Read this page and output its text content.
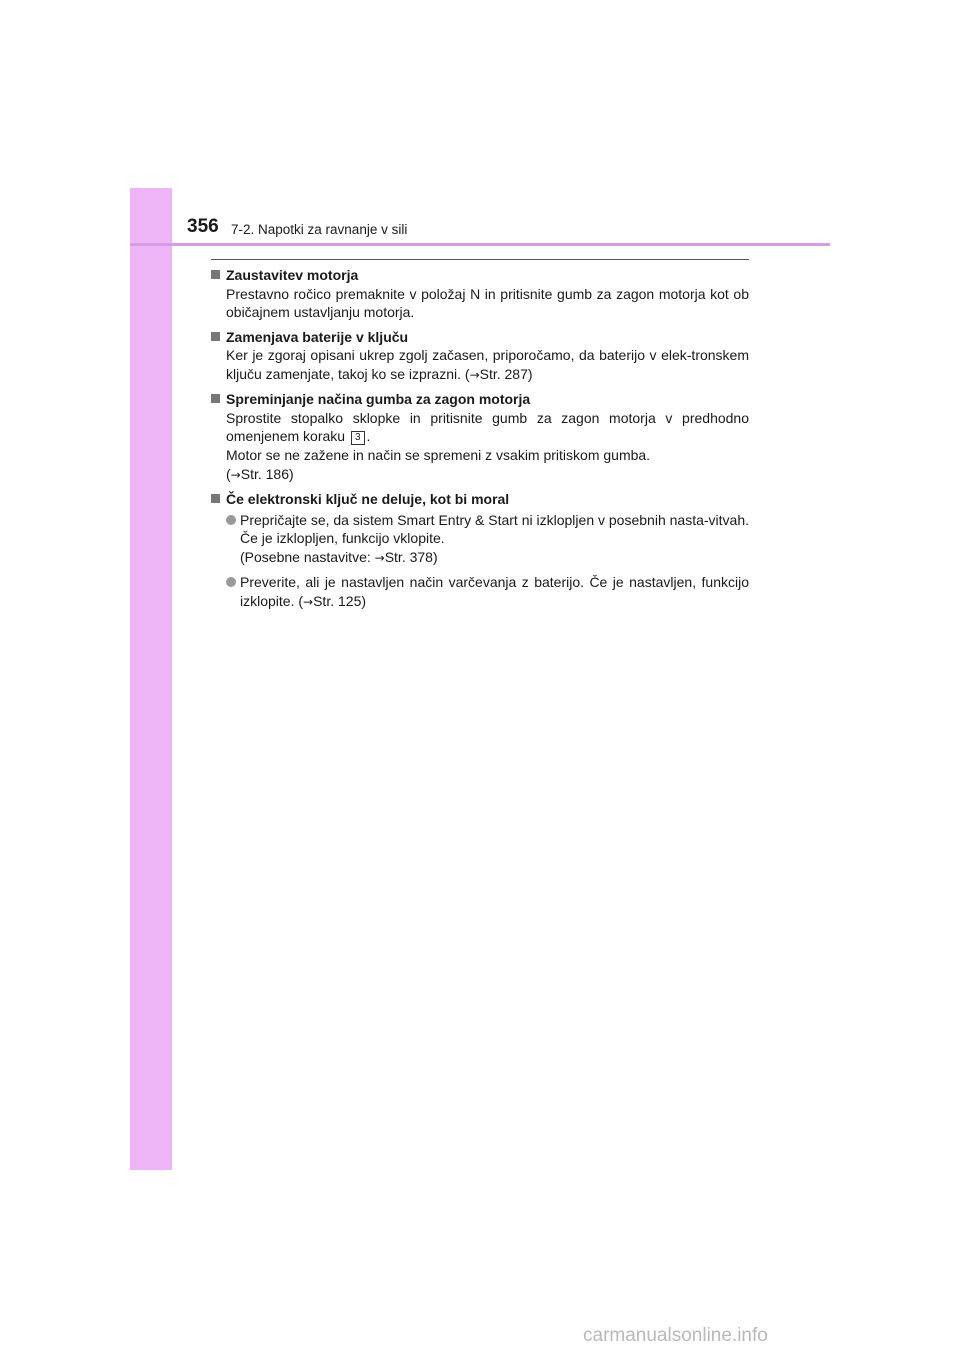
356 7-2. Napotki za ravnanje v sili
Zaustavitev motorja

Prestavno ročico premaknite v položaj N in pritisnite gumb za zagon motorja kot ob običajnem ustavljanju motorja.

Zamenjava baterije v ključu

Ker je zgoraj opisani ukrep zgolj začasen, priporočamo, da baterijo v elek-tronskem ključu zamenjate, takoj ko se izprazni. (→Str. 287)

Spreminjanje načina gumba za zagon motorja

Sprostite stopalko sklopke in pritisnite gumb za zagon motorja v predhodno omenjenem koraku 3 .

Motor se ne zažene in način se spremeni z vsakim pritiskom gumba.

(→Str. 186)

Če elektronski ključ ne deluje, kot bi moral

Prepričajte se, da sistem Smart Entry & Start ni izklopljen v posebnih nasta-vitvah. Če je izklopljen, funkcijo vklopite.

(Posebne nastavitve: →Str. 378)

Preverite, ali je nastavljen način varčevanja z baterijo. Če je nastavljen, funkcijo izklopite. (→Str. 125)

carmanualsonline.info
